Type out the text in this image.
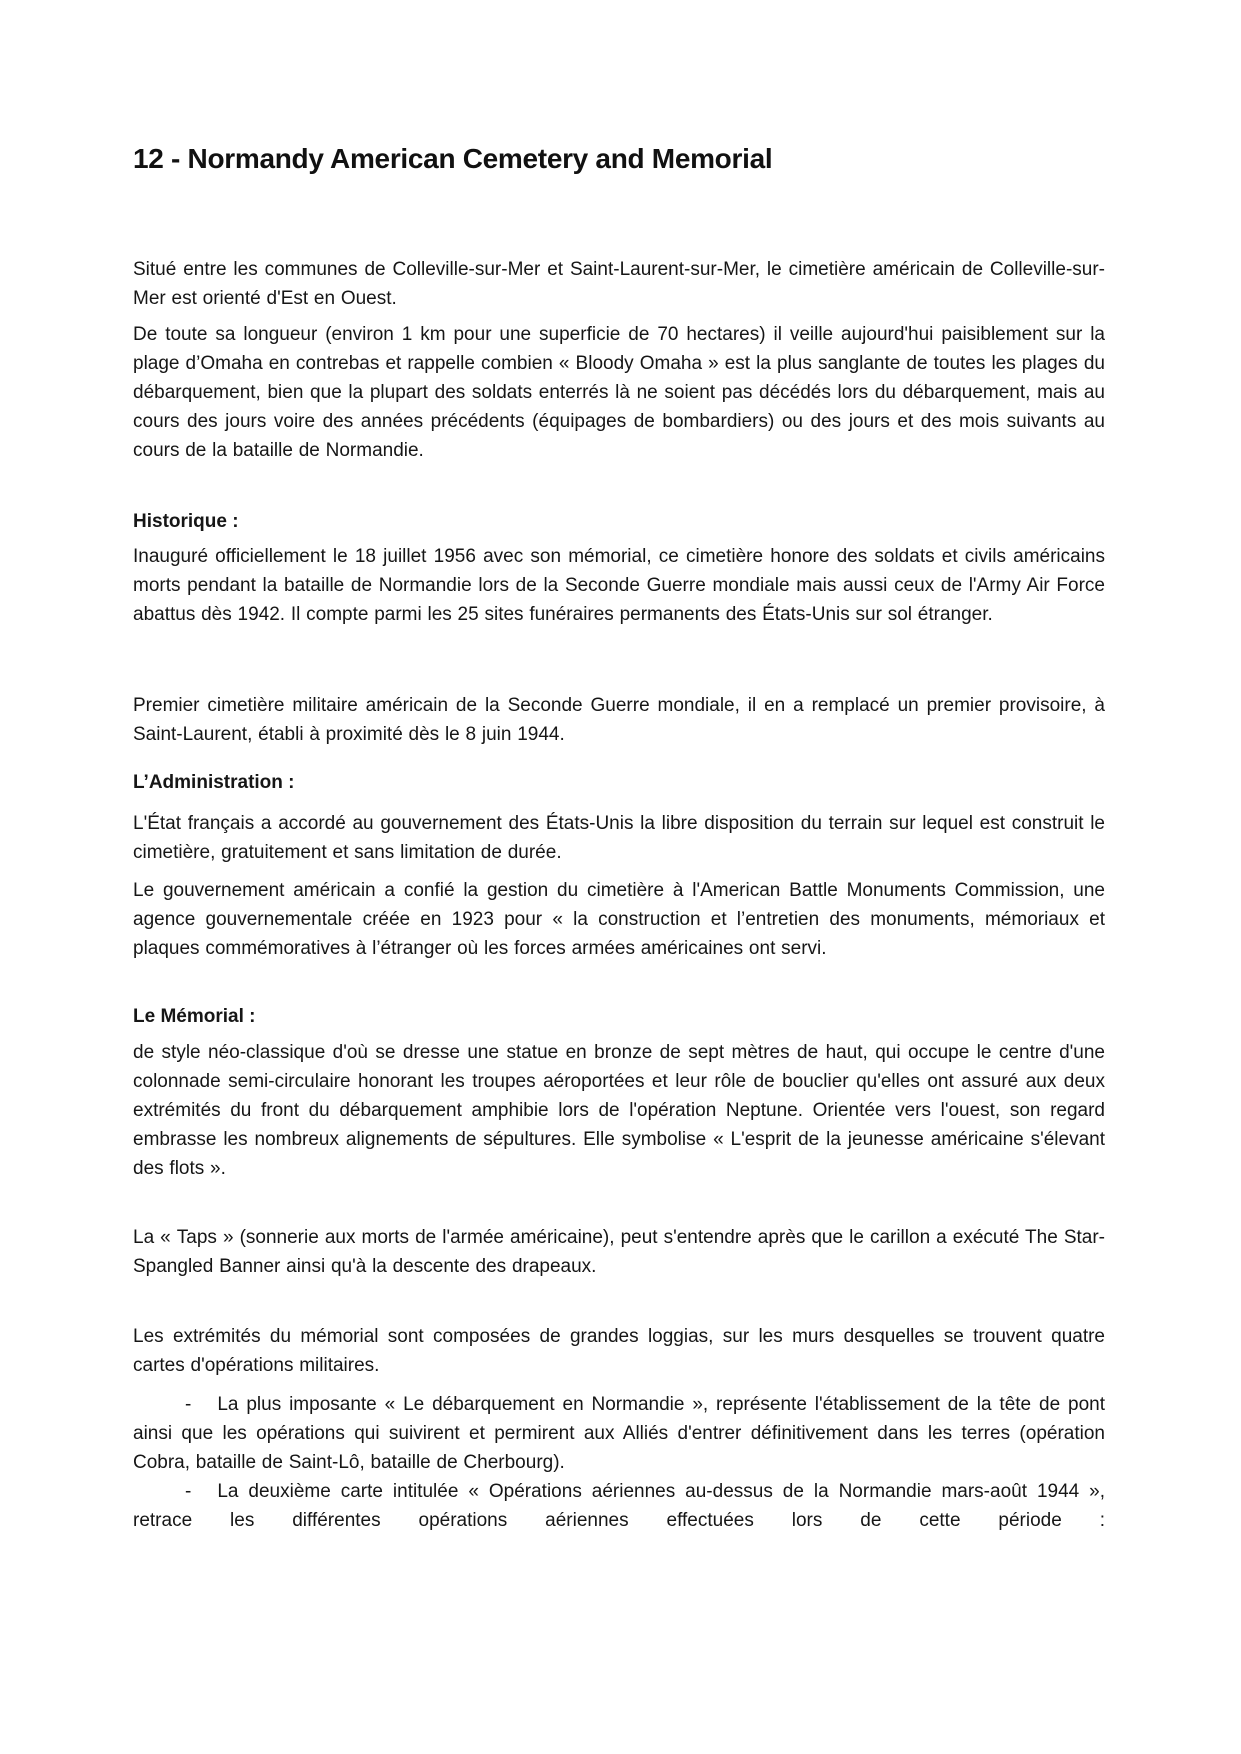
12 - Normandy American Cemetery and Memorial

Situé entre les communes de Colleville-sur-Mer et Saint-Laurent-sur-Mer, le cimetière américain de Colleville-sur-Mer est orienté d'Est en Ouest.

De toute sa longueur (environ 1 km pour une superficie de 70 hectares) il veille aujourd'hui paisiblement sur la plage d’Omaha en contrebas et rappelle combien « Bloody Omaha » est la plus sanglante de toutes les plages du débarquement, bien que la plupart des soldats enterrés là ne soient pas décédés lors du débarquement, mais au cours des jours voire des années précédents (équipages de bombardiers) ou des jours et des mois suivants au cours de la bataille de Normandie.

Historique :

Inauguré officiellement le 18 juillet 1956 avec son mémorial, ce cimetière honore des soldats et civils américains morts pendant la bataille de Normandie lors de la Seconde Guerre mondiale mais aussi ceux de l'Army Air Force abattus dès 1942. Il compte parmi les 25 sites funéraires permanents des États-Unis sur sol étranger.

Premier cimetière militaire américain de la Seconde Guerre mondiale, il en a remplacé un premier provisoire, à Saint-Laurent, établi à proximité dès le 8 juin 1944.

L’Administration :

L'État français a accordé au gouvernement des États-Unis la libre disposition du terrain sur lequel est construit le cimetière, gratuitement et sans limitation de durée.

Le gouvernement américain a confié la gestion du cimetière à l'American Battle Monuments Commission, une agence gouvernementale créée en 1923 pour « la construction et l’entretien des monuments, mémoriaux et plaques commémoratives à l’étranger où les forces armées américaines ont servi.

Le Mémorial :

de style néo-classique d'où se dresse une statue en bronze de sept mètres de haut, qui occupe le centre d'une colonnade semi-circulaire honorant les troupes aéroportées et leur rôle de bouclier qu'elles ont assuré aux deux extrémités du front du débarquement amphibie lors de l'opération Neptune. Orientée vers l'ouest, son regard embrasse les nombreux alignements de sépultures. Elle symbolise « L'esprit de la jeunesse américaine s'élevant des flots ».

La « Taps » (sonnerie aux morts de l'armée américaine), peut s'entendre après que le carillon a exécuté The Star-Spangled Banner ainsi qu'à la descente des drapeaux.

Les extrémités du mémorial sont composées de grandes loggias, sur les murs desquelles se trouvent quatre cartes d'opérations militaires.

- La plus imposante « Le débarquement en Normandie », représente l'établissement de la tête de pont ainsi que les opérations qui suivirent et permirent aux Alliés d'entrer définitivement dans les terres (opération Cobra, bataille de Saint-Lô, bataille de Cherbourg).

- La deuxième carte intitulée « Opérations aériennes au-dessus de la Normandie mars-août 1944 », retrace les différentes opérations aériennes effectuées lors de cette période :
